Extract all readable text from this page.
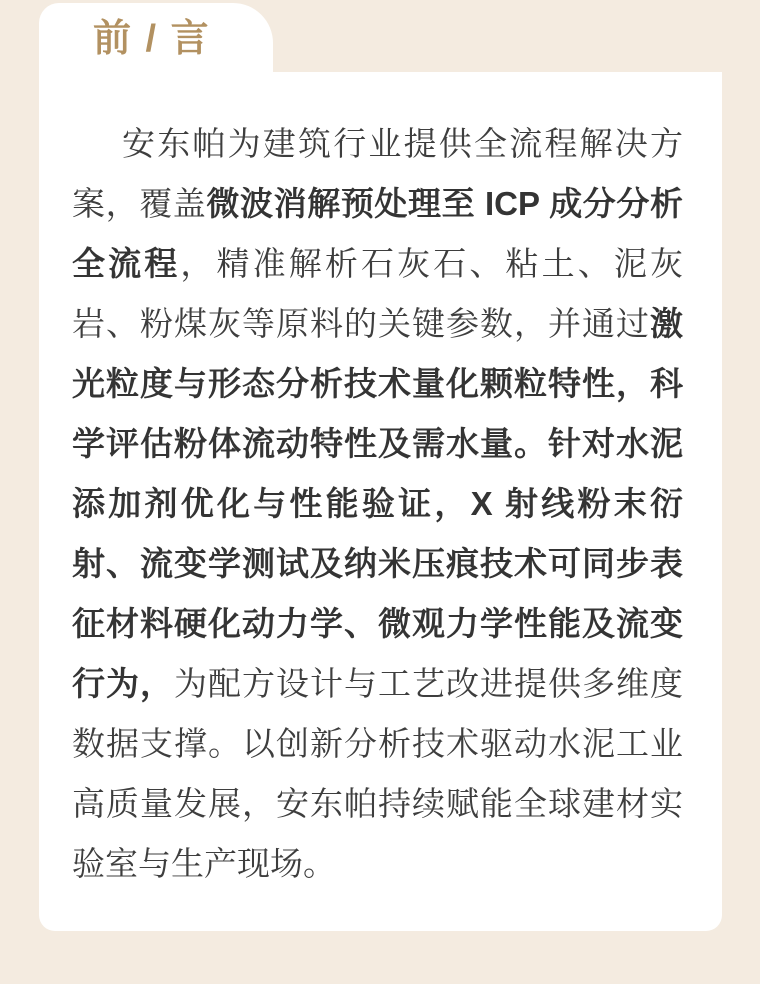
前 / 言
安东帕为建筑行业提供全流程解决方
案，覆盖微波消解预处理至 ICP 成分分析
全流程，精准解析石灰石、粘土、泥灰
岩、粉煤灰等原料的关键参数，并通过激
光粒度与形态分析技术量化颗粒特性，科
学评估粉体流动特性及需水量。针对水泥
添加剂优化与性能验证，X 射线粉末衍
射、流变学测试及纳米压痕技术可同步表
征材料硬化动力学、微观力学性能及流变
行为，为配方设计与工艺改进提供多维度
数据支撑。以创新分析技术驱动水泥工业
高质量发展，安东帕持续赋能全球建材实
验室与生产现场。
